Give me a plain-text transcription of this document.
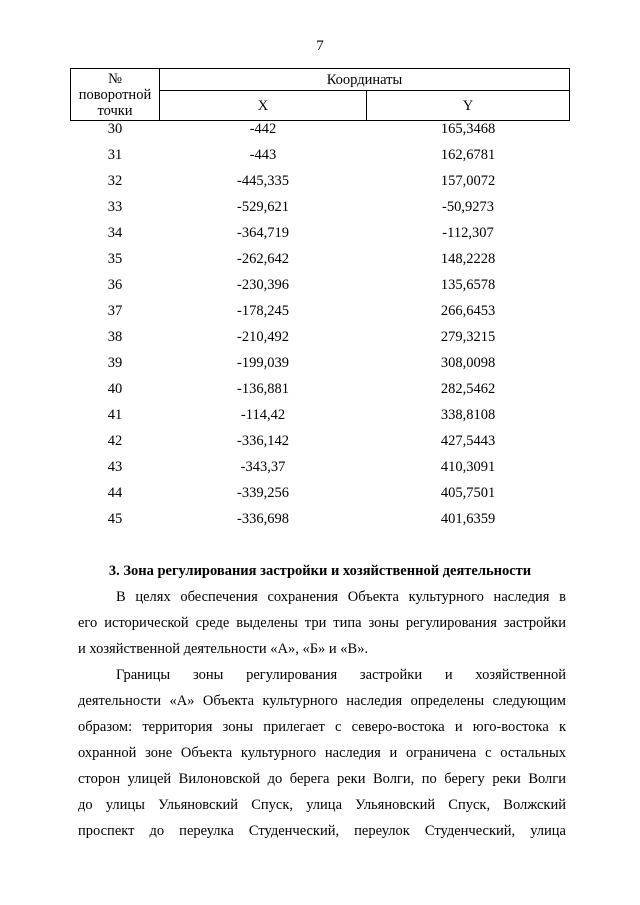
7
№
поворотной
точки	Координаты	
	X	Y
30	-442	165,3468
31	-443	162,6781
32	-445,335	157,0072
33	-529,621	-50,9273
34	-364,719	-112,307
35	-262,642	148,2228
36	-230,396	135,6578
37	-178,245	266,6453
38	-210,492	279,3215
39	-199,039	308,0098
40	-136,881	282,5462
41	-114,42	338,8108
42	-336,142	427,5443
43	-343,37	410,3091
44	-339,256	405,7501
45	-336,698	401,6359
3. Зона регулирования застройки и хозяйственной деятельности
В целях обеспечения сохранения Объекта культурного наследия в
его исторической среде выделены три типа зоны регулирования застройки
и хозяйственной деятельности «А», «Б» и «В».
Границы зоны регулирования застройки и хозяйственной
деятельности «А» Объекта культурного наследия определены следующим
образом: территория зоны прилегает с северо-востока и юго-востока к
охранной зоне Объекта культурного наследия и ограничена с остальных
сторон улицей Вилоновской до берега реки Волги, по берегу реки Волги
до улицы Ульяновский Спуск, улица Ульяновский Спуск, Волжский
проспект до переулка Студенческий, переулок Студенческий, улица
